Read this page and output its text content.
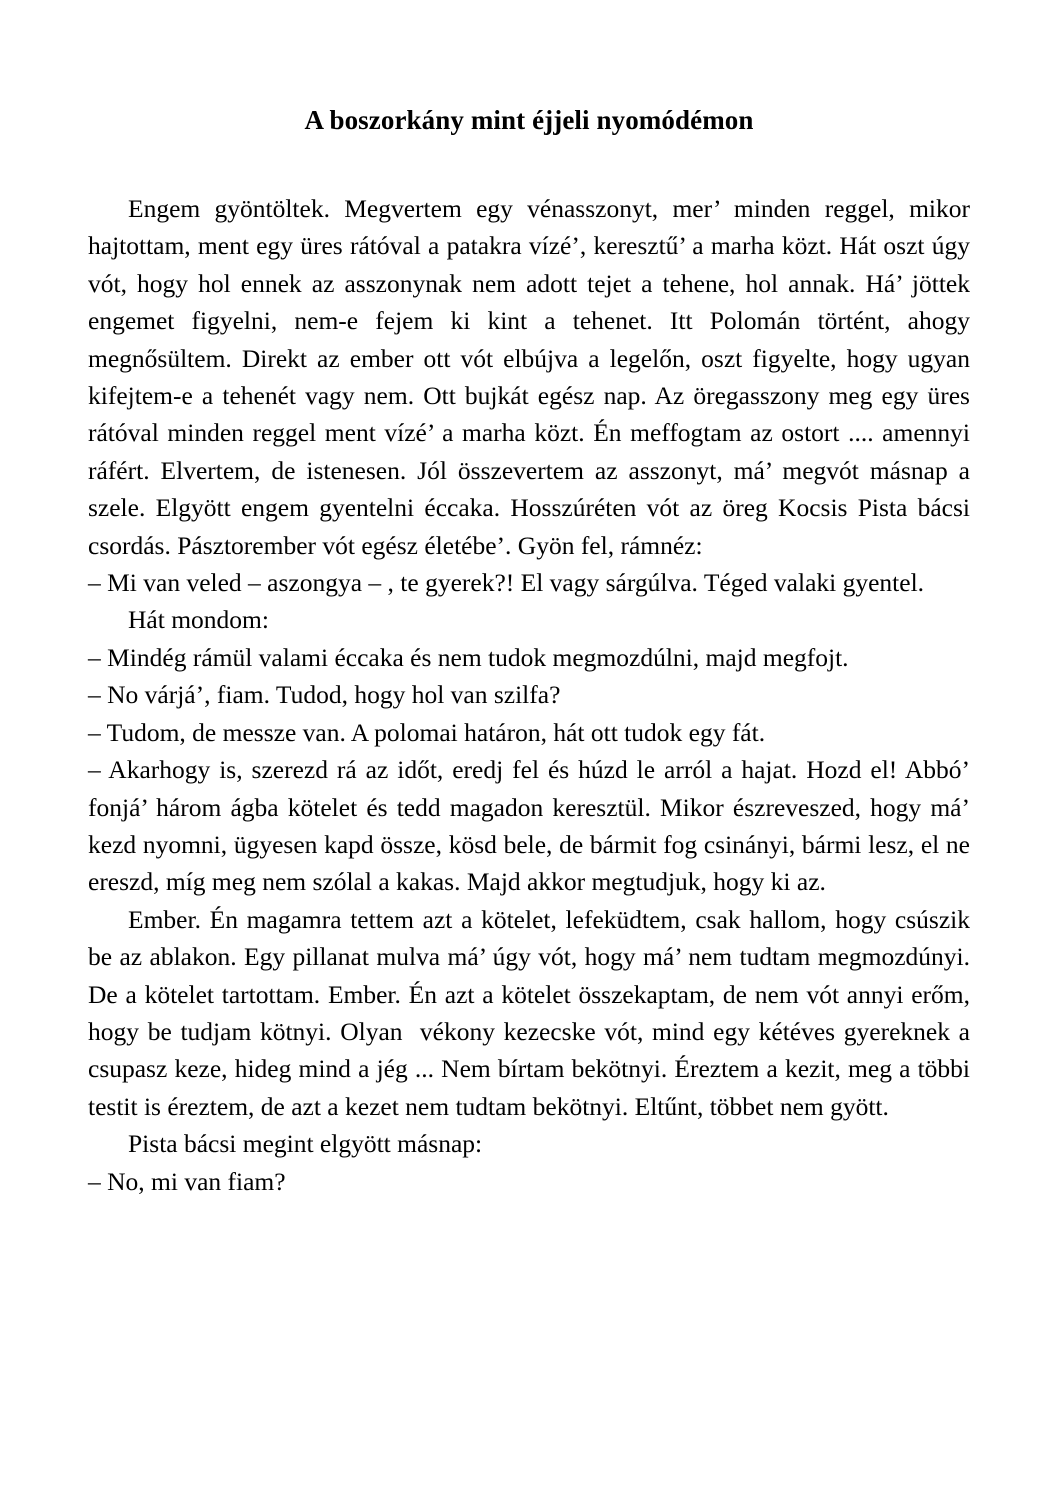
A boszorkány mint éjjeli nyomódémon

Engem gyöntöltek. Megvertem egy vénasszonyt, mer’ minden reggel, mikor hajtottam, ment egy üres rátóval a patakra vízé’, keresztű’ a marha közt. Hát oszt úgy vót, hogy hol ennek az asszonynak nem adott tejet a tehene, hol annak. Há’ jöttek engemet figyelni, nem-e fejem ki kint a tehenet. Itt Polomán történt, ahogy megnősültem. Direkt az ember ott vót elbújva a legelőn, oszt figyelte, hogy ugyan kifejtem-e a tehenét vagy nem. Ott bujkát egész nap. Az öregasszony meg egy üres rátóval minden reggel ment vízé’ a marha közt. Én meffogtam az ostort .... amennyi ráfért. Elvertem, de istenesen. Jól összevertem az asszonyt, má’ megvót másnap a szele. Elgyött engem gyentelni éccaka. Hosszúréten vót az öreg Kocsis Pista bácsi csordás. Pásztorember vót egész életébe’. Gyön fel, rámnéz:

– Mi van veled – aszongya – , te gyerek?! El vagy sárgúlva. Téged valaki gyentel.

Hát mondom:

– Mindég rámül valami éccaka és nem tudok megmozdúlni, majd megfojt.

– No várjá’, fiam. Tudod, hogy hol van szilfa?

– Tudom, de messze van. A polomai határon, hát ott tudok egy fát.

– Akarhogy is, szerezd rá az időt, eredj fel és húzd le arról a hajat. Hozd el! Abbó’ fonjá’ három ágba kötelet és tedd magadon keresztül. Mikor észreveszed, hogy má’ kezd nyomni, ügyesen kapd össze, kösd bele, de bármit fog csinányi, bármi lesz, el ne ereszd, míg meg nem szólal a kakas. Majd akkor megtudjuk, hogy ki az.

Ember. Én magamra tettem azt a kötelet, lefeküdtem, csak hallom, hogy csúszik be az ablakon. Egy pillanat mulva má’ úgy vót, hogy má’ nem tudtam megmozdúnyi. De a kötelet tartottam. Ember. Én azt a kötelet összekaptam, de nem vót annyi erőm, hogy be tudjam kötnyi. Olyan  vékony kezecske vót, mind egy kétéves gyereknek a csupasz keze, hideg mind a jég ... Nem bírtam bekötnyi. Éreztem a kezit, meg a többi testit is éreztem, de azt a kezet nem tudtam bekötnyi. Eltűnt, többet nem gyött.

Pista bácsi megint elgyött másnap:

– No, mi van fiam?
